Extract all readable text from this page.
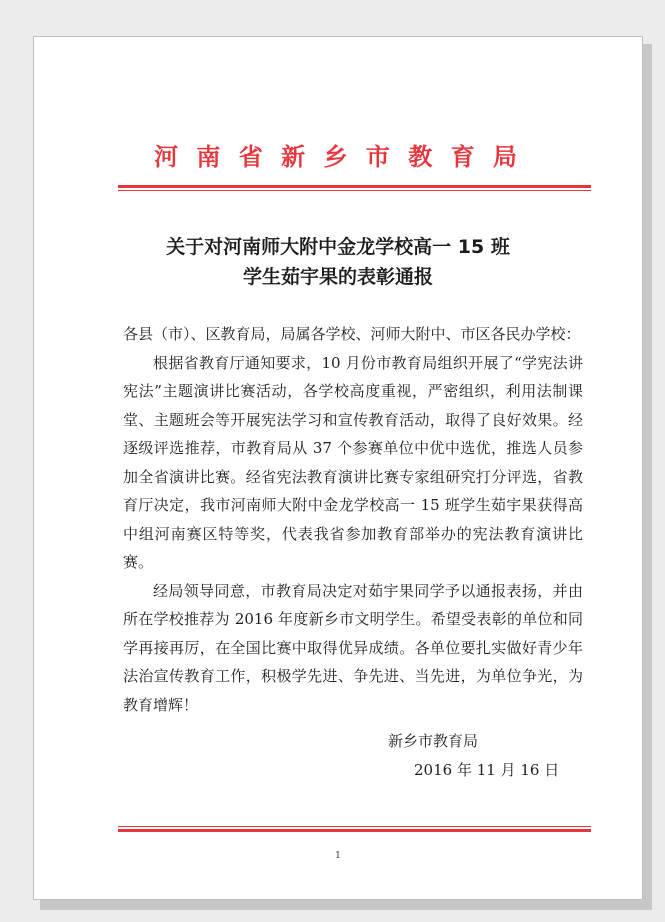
河 南 省 新 乡 市 教 育 局
关于对河南师大附中金龙学校高一 15 班
学生茹宇果的表彰通报

各县（市）、区教育局，局属各学校、河师大附中、市区各民办学校：

根据省教育厅通知要求，10 月份市教育局组织开展了“学宪法讲宪法”主题演讲比赛活动，各学校高度重视，严密组织，利用法制课堂、主题班会等开展宪法学习和宣传教育活动，取得了良好效果。经逐级评选推荐，市教育局从 37 个参赛单位中优中选优，推选人员参加全省演讲比赛。经省宪法教育演讲比赛专家组研究打分评选，省教育厅决定，我市河南师大附中金龙学校高一 15 班学生茹宇果获得高中组河南赛区特等奖，代表我省参加教育部举办的宪法教育演讲比赛。

经局领导同意，市教育局决定对茹宇果同学予以通报表扬，并由所在学校推荐为 2016 年度新乡市文明学生。希望受表彰的单位和同学再接再厉，在全国比赛中取得优异成绩。各单位要扎实做好青少年法治宣传教育工作，积极学先进、争先进、当先进，为单位争光，为教育增辉！

新乡市教育局
2016 年 11 月 16 日
1
